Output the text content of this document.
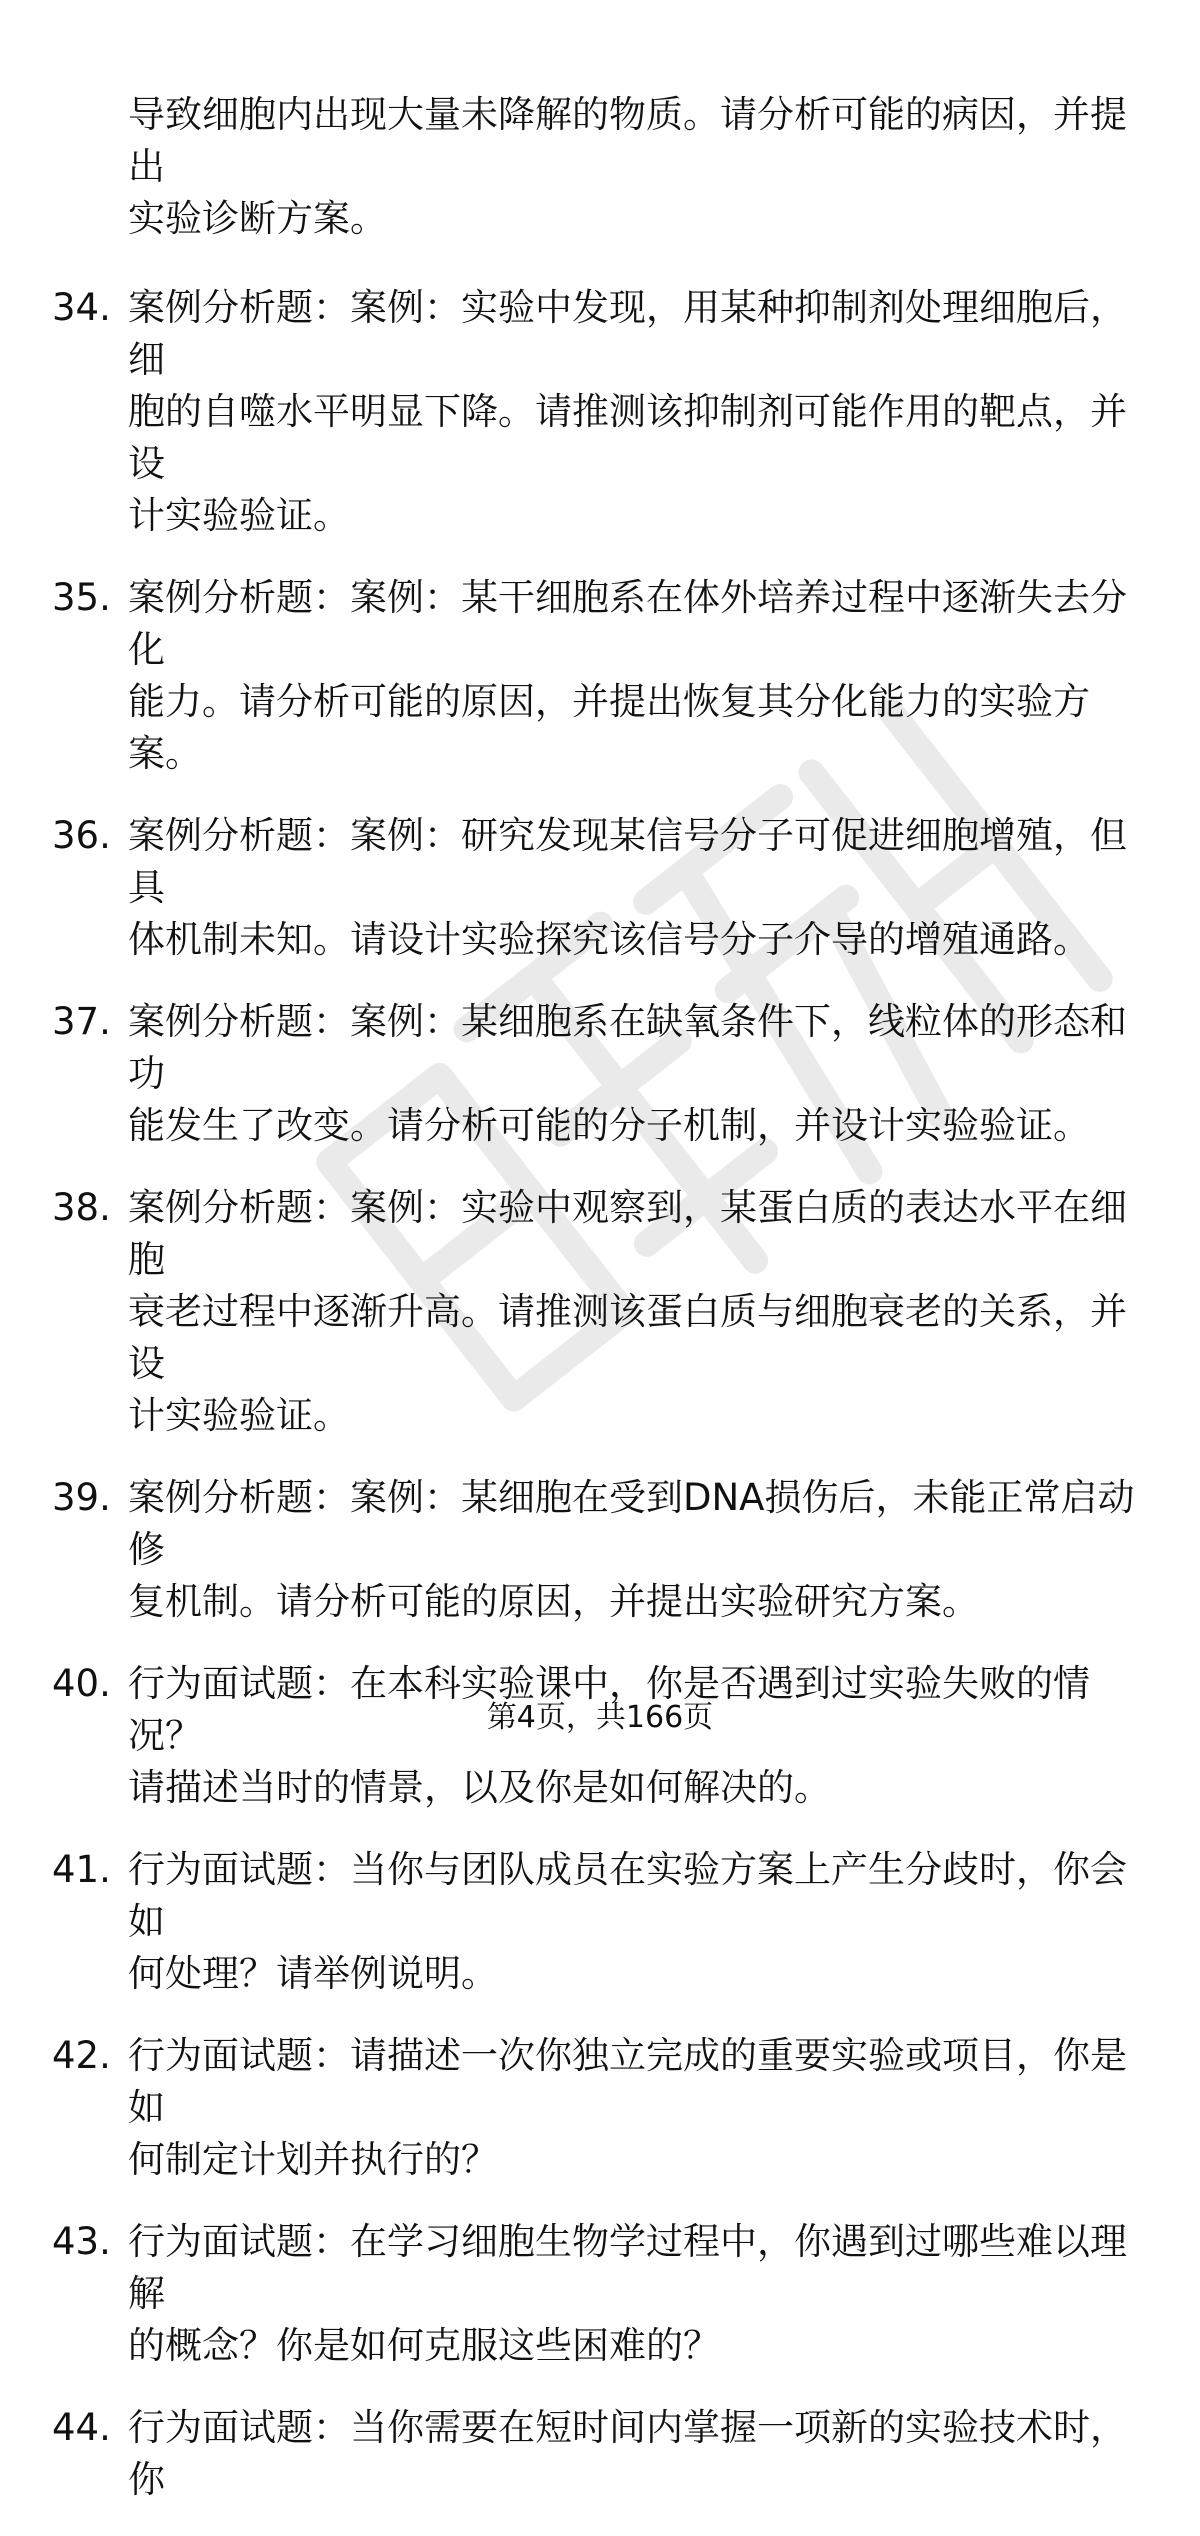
导致细胞内出现大量未降解的物质。请分析可能的病因，并提出
实验诊断方案。

34. 案例分析题：案例：实验中发现，用某种抑制剂处理细胞后，细
胞的自噬水平明显下降。请推测该抑制剂可能作用的靶点，并设
计实验验证。
35. 案例分析题：案例：某干细胞系在体外培养过程中逐渐失去分化
能力。请分析可能的原因，并提出恢复其分化能力的实验方案。
36. 案例分析题：案例：研究发现某信号分子可促进细胞增殖，但具
体机制未知。请设计实验探究该信号分子介导的增殖通路。
37. 案例分析题：案例：某细胞系在缺氧条件下，线粒体的形态和功
能发生了改变。请分析可能的分子机制，并设计实验验证。
38. 案例分析题：案例：实验中观察到，某蛋白质的表达水平在细胞
衰老过程中逐渐升高。请推测该蛋白质与细胞衰老的关系，并设
计实验验证。
39. 案例分析题：案例：某细胞在受到DNA损伤后，未能正常启动修
复机制。请分析可能的原因，并提出实验研究方案。
40. 行为面试题：在本科实验课中，你是否遇到过实验失败的情况？
请描述当时的情景，以及你是如何解决的。
41. 行为面试题：当你与团队成员在实验方案上产生分歧时，你会如
何处理？请举例说明。
42. 行为面试题：请描述一次你独立完成的重要实验或项目，你是如
何制定计划并执行的？
43. 行为面试题：在学习细胞生物学过程中，你遇到过哪些难以理解
的概念？你是如何克服这些困难的？
44. 行为面试题：当你需要在短时间内掌握一项新的实验技术时，你
第4页，共166页
